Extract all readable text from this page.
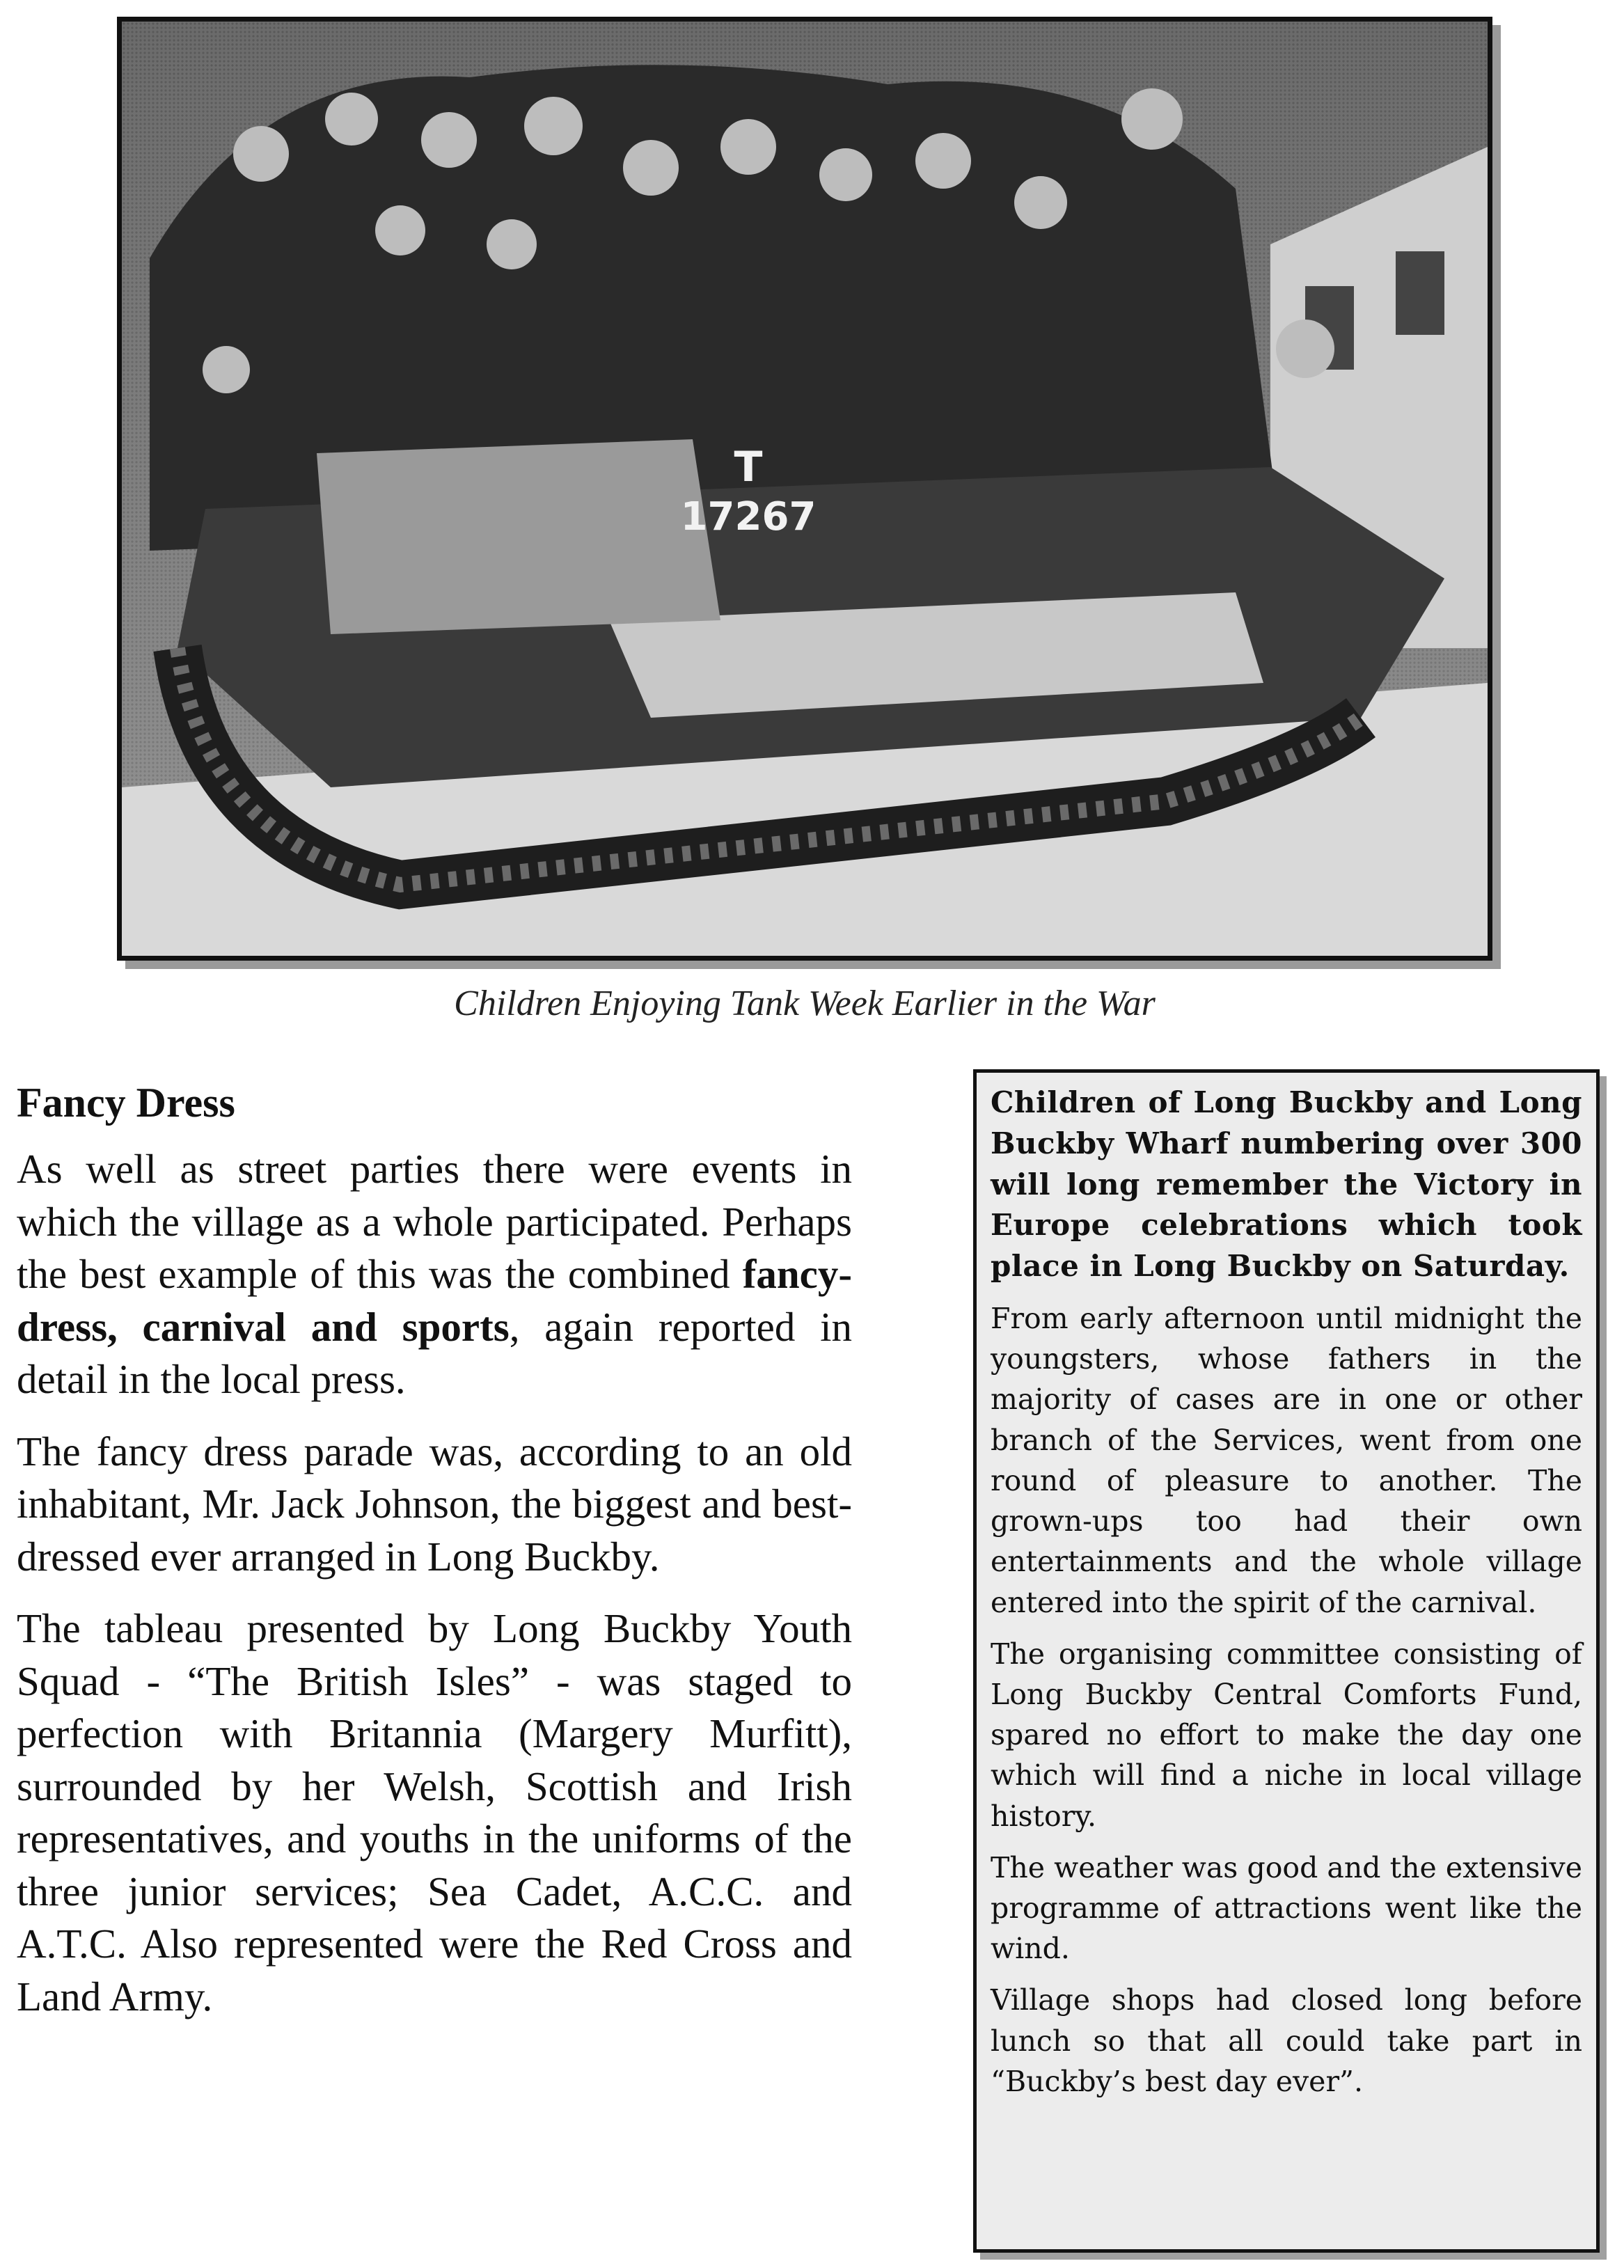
T
17267
Children Enjoying Tank Week Earlier in the War
Fancy Dress

As well as street parties there were events in which the village as a whole participated. Perhaps the best example of this was the combined fancy-dress, carnival and sports, again reported in detail in the local press.

The fancy dress parade was, according to an old inhabitant, Mr. Jack Johnson, the biggest and best-dressed ever arranged in Long Buckby.

The tableau presented by Long Buckby Youth Squad - “The British Isles” - was staged to perfection with Britannia (Margery Murfitt), surrounded by her Welsh, Scottish and Irish representatives, and youths in the uniforms of the three junior services; Sea Cadet, A.C.C. and A.T.C. Also represented were the Red Cross and Land Army.

Children of Long Buckby and Long Buckby Wharf numbering over 300 will long remember the Victory in Europe celebrations which took place in Long Buckby on Saturday.

From early afternoon until midnight the youngsters, whose fathers in the majority of cases are in one or other branch of the Services, went from one round of pleasure to another. The grown-ups too had their own entertainments and the whole village entered into the spirit of the carnival.

The organising committee consisting of Long Buckby Central Comforts Fund, spared no effort to make the day one which will find a niche in local village history.

The weather was good and the extensive programme of attractions went like the wind.

Village shops had closed long before lunch so that all could take part in “Buckby’s best day ever”.
